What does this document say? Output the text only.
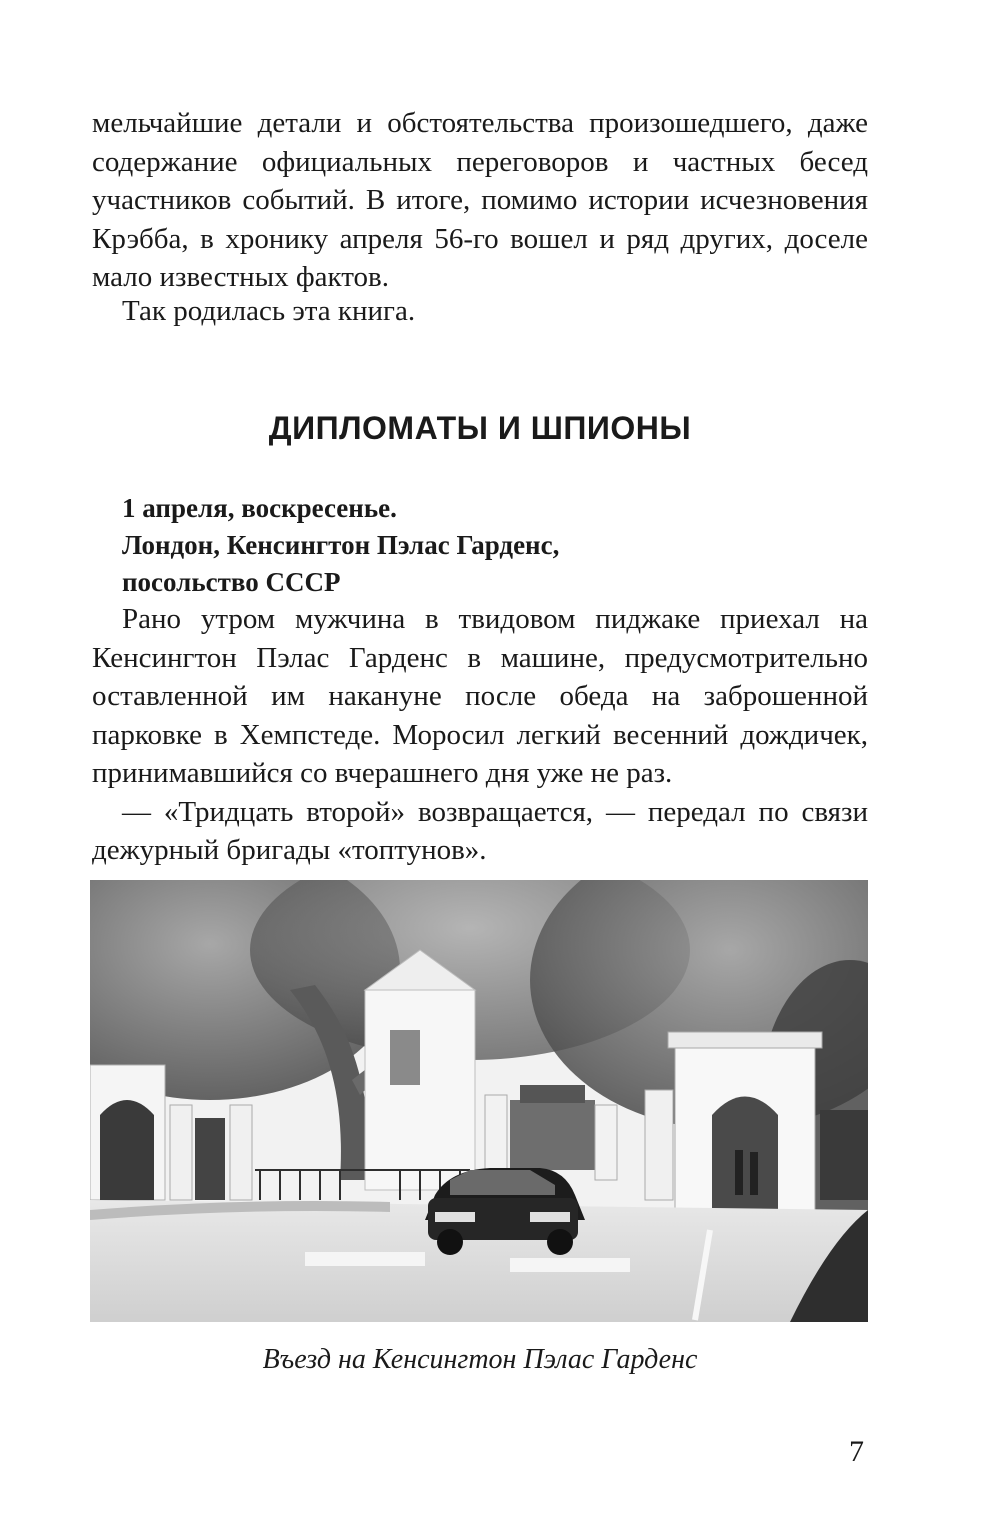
мельчайшие детали и обстоятельства произошедшего, даже содержание официальных переговоров и частных бесед участников событий. В итоге, помимо истории исчезновения Крэбба, в хронику апреля 56-го вошел и ряд других, доселе мало известных фактов.

Так родилась эта книга.

ДИПЛОМАТЫ И ШПИОНЫ
1 апреля, воскресенье.
Лондон, Кенсингтон Пэлас Гарденс,
посольство СССР

Рано утром мужчина в твидовом пиджаке приехал на Кенсингтон Пэлас Гарденс в машине, предусмотрительно оставленной им накануне после обеда на заброшенной парковке в Хемпстеде. Моросил легкий весенний дождичек, принимавшийся со вчерашнего дня уже не раз.

— «Тридцать второй» возвращается, — передал по связи дежурный бригады «топтунов».

Въезд на Кенсингтон Пэлас Гарденс
7
